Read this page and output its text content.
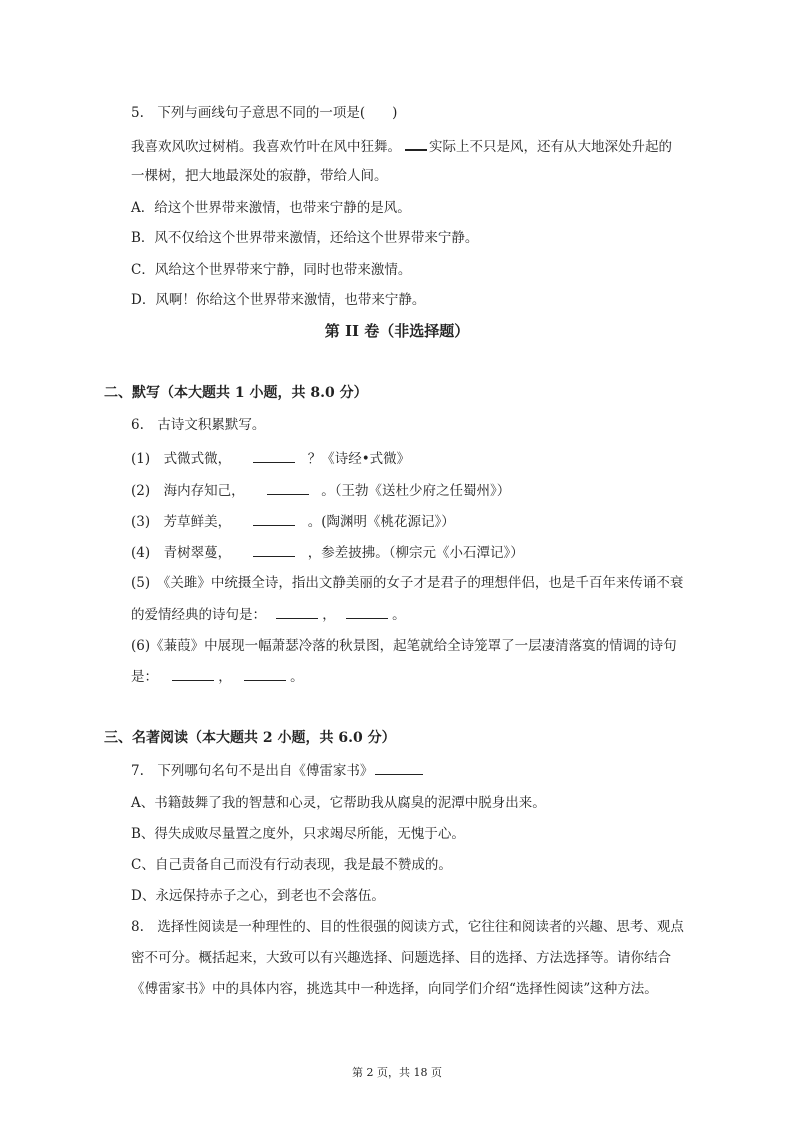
5.　下列与画线句子意思不同的一项是(　　)
我喜欢风吹过树梢。我喜欢竹叶在风中狂舞。 实际上不只是风，还有从大地深处升起的
一棵树，把大地最深处的寂静，带给人间。
A．给这个世界带来激情，也带来宁静的是风。
B．风不仅给这个世界带来激情，还给这个世界带来宁静。
C．风给这个世界带来宁静，同时也带来激情。
D．风啊！你给这个世界带来激情，也带来宁静。
第 II 卷（非选择题）
二、默写（本大题共 1 小题，共 8.0 分）
6.　古诗文积累默写。
(1)　式微式微，	？《诗经•式微》
(2)　海内存知己，	。（王勃《送杜少府之任蜀州》）
(3)　芳草鲜美，	。(陶渊明《桃花源记》）
(4)　青树翠蔓，	，参差披拂。（柳宗元《小石潭记》）
(5)　《关雎》中统摄全诗，指出文静美丽的女子才是君子的理想伴侣，也是千百年来传诵不衰
的爱情经典的诗句是：	，	。
(6)《蒹葭》中展现一幅萧瑟冷落的秋景图，起笔就给全诗笼罩了一层凄清落寞的情调的诗句
是：	，	。
三、名著阅读（本大题共 2 小题，共 6.0 分）
7.　下列哪句名句不是出自《傅雷家书》
A、书籍鼓舞了我的智慧和心灵，它帮助我从腐臭的泥潭中脱身出来。
B、得失成败尽量置之度外，只求竭尽所能，无愧于心。
C、自己责备自己而没有行动表现，我是最不赞成的。
D、永远保持赤子之心，到老也不会落伍。
8.　选择性阅读是一种理性的、目的性很强的阅读方式，它往往和阅读者的兴趣、思考、观点
密不可分。概括起来，大致可以有兴趣选择、问题选择、目的选择、方法选择等。请你结合
《傅雷家书》中的具体内容，挑选其中一种选择，向同学们介绍“选择性阅读”这种方法。
第 2 页，共 18 页
